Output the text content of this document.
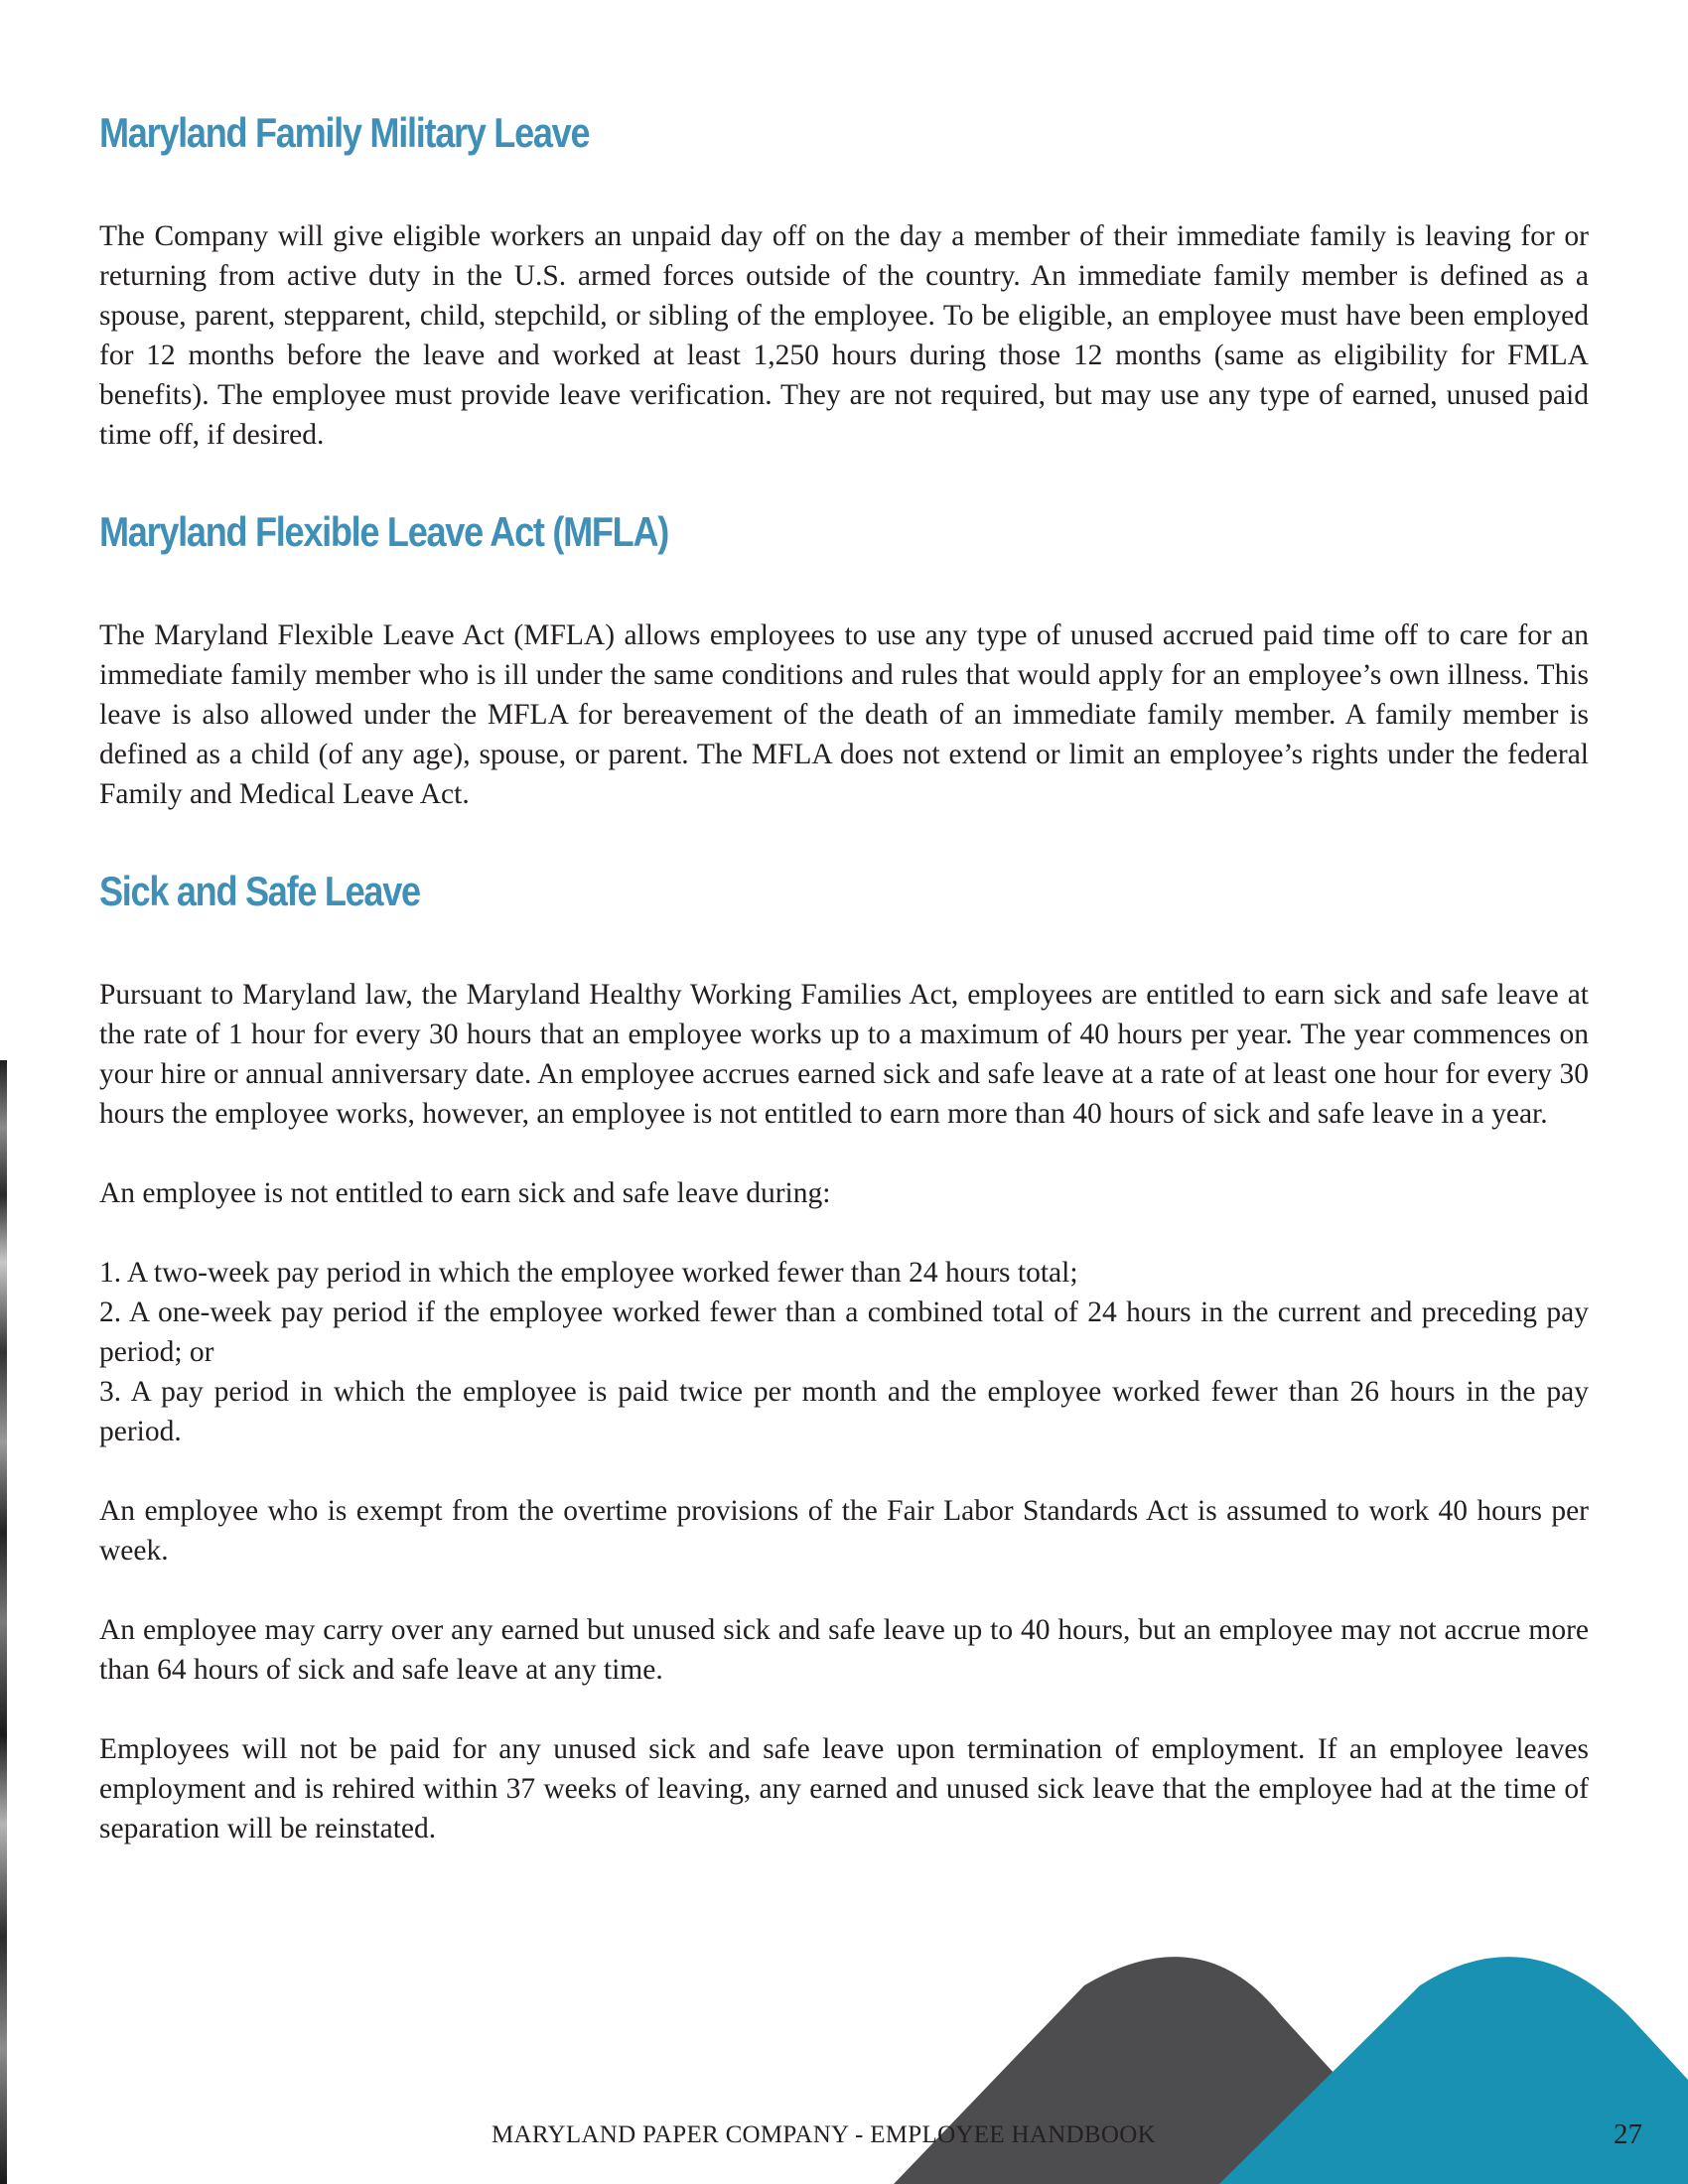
Maryland Family Military Leave

The Company will give eligible workers an unpaid day off on the day a member of their immediate family is leaving for or returning from active duty in the U.S. armed forces outside of the country. An immediate family member is defined as a spouse, parent, stepparent, child, stepchild, or sibling of the employee. To be eligible, an employee must have been employed for 12 months before the leave and worked at least 1,250 hours during those 12 months (same as eligibility for FMLA benefits). The employee must provide leave verification. They are not required, but may use any type of earned, unused paid time off, if desired.

Maryland Flexible Leave Act (MFLA)

The Maryland Flexible Leave Act (MFLA) allows employees to use any type of unused accrued paid time off to care for an immediate family member who is ill under the same conditions and rules that would apply for an employee’s own illness. This leave is also allowed under the MFLA for bereavement of the death of an immediate family member. A family member is defined as a child (of any age), spouse, or parent. The MFLA does not extend or limit an employee’s rights under the federal Family and Medical Leave Act.

Sick and Safe Leave

Pursuant to Maryland law, the Maryland Healthy Working Families Act, employees are entitled to earn sick and safe leave at the rate of 1 hour for every 30 hours that an employee works up to a maximum of 40 hours per year. The year commences on your hire or annual anniversary date. An employee accrues earned sick and safe leave at a rate of at least one hour for every 30 hours the employee works, however, an employee is not entitled to earn more than 40 hours of sick and safe leave in a year.

An employee is not entitled to earn sick and safe leave during:

1. A two-week pay period in which the employee worked fewer than 24 hours total;

2. A one-week pay period if the employee worked fewer than a combined total of 24 hours in the current and preceding pay period; or

3. A pay period in which the employee is paid twice per month and the employee worked fewer than 26 hours in the pay period.

An employee who is exempt from the overtime provisions of the Fair Labor Standards Act is assumed to work 40 hours per week.

An employee may carry over any earned but unused sick and safe leave up to 40 hours, but an employee may not accrue more than 64 hours of sick and safe leave at any time.

Employees will not be paid for any unused sick and safe leave upon termination of employment. If an employee leaves employment and is rehired within 37 weeks of leaving, any earned and unused sick leave that the employee had at the time of separation will be reinstated.

MARYLAND PAPER COMPANY - EMPLOYEE HANDBOOK	27
